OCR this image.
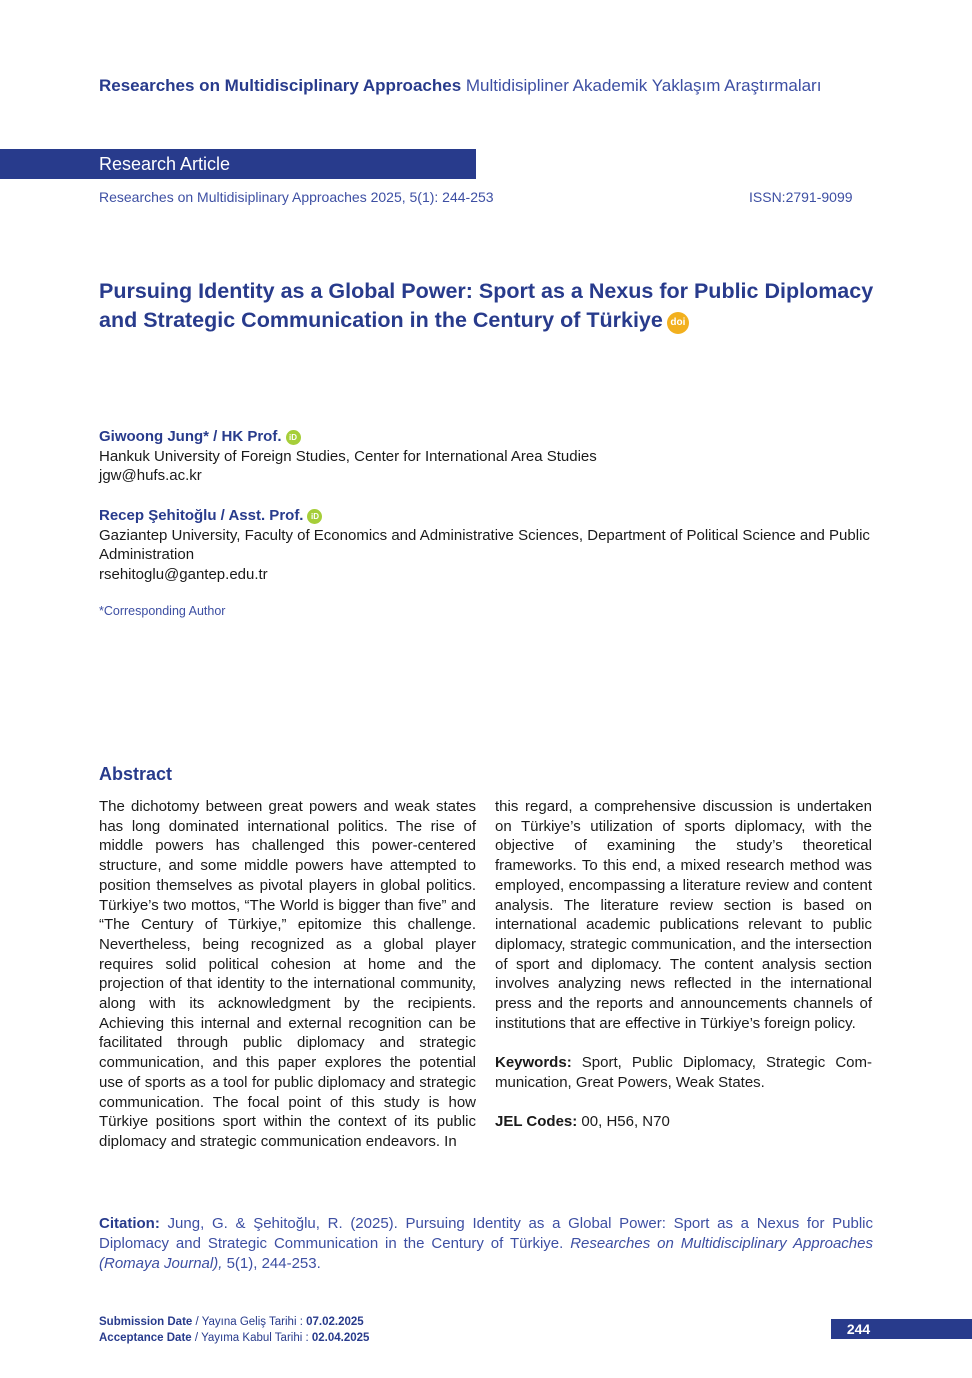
Researches on Multidisciplinary Approaches Multidisipliner Akademik Yaklaşım Araştırmaları
Research Article
Researches on Multidisiplinary Approaches 2025, 5(1): 244-253	ISSN:2791-9099
Pursuing Identity as a Global Power: Sport as a Nexus for Public Diplomacy and Strategic Communication in the Century of Türkiye doi
Giwoong Jung* / HK Prof. iD
Hankuk University of Foreign Studies, Center for International Area Studies
jgw@hufs.ac.kr
Recep Şehitoğlu / Asst. Prof. iD
Gaziantep University, Faculty of Economics and Administrative Sciences, Department of Political Science and Public Administration
rsehitoglu@gantep.edu.tr
*Corresponding Author
Abstract

The dichotomy between great powers and weak states has long dominated international politics. The rise of middle powers has challenged this power-centered structure, and some middle powers have attempted to position themselves as pivotal players in global politics. Türkiye’s two mottos, “The World is bigger than five” and “The Century of Türkiye,” epitomize this challenge. Nevertheless, being recognized as a global player requires solid political cohesion at home and the projection of that identity to the international community, along with its acknowledgment by the recipients. Achieving this internal and external recognition can be facilitated through public diplomacy and strategic communication, and this paper explores the potential use of sports as a tool for public diplomacy and strategic communication. The focal point of this study is how Türkiye positions sport within the context of its public diplomacy and strategic communication endeavors. In

this regard, a comprehensive discussion is undertaken on Türkiye’s utilization of sports diplomacy, with the objective of examining the study’s theoretical frameworks. To this end, a mixed research method was employed, encompassing a literature review and content analysis. The literature review section is based on international academic publications relevant to public diplomacy, strategic communication, and the intersection of sport and diplomacy. The content analysis section involves analyzing news reflected in the international press and the reports and announcements channels of institutions that are effective in Türkiye’s foreign policy.

Keywords: Sport, Public Diplomacy, Strategic Communication, Great Powers, Weak States.

JEL Codes: 00, H56, N70

Citation: Jung, G. & Şehitoğlu, R. (2025). Pursuing Identity as a Global Power: Sport as a Nexus for Public Diplomacy and Strategic Communication in the Century of Türkiye. Researches on Multidisciplinary Approaches (Romaya Journal), 5(1), 244-253.
Submission Date / Yayına Geliş Tarihi : 07.02.2025
Acceptance Date / Yayıma Kabul Tarihi : 02.04.2025
244
